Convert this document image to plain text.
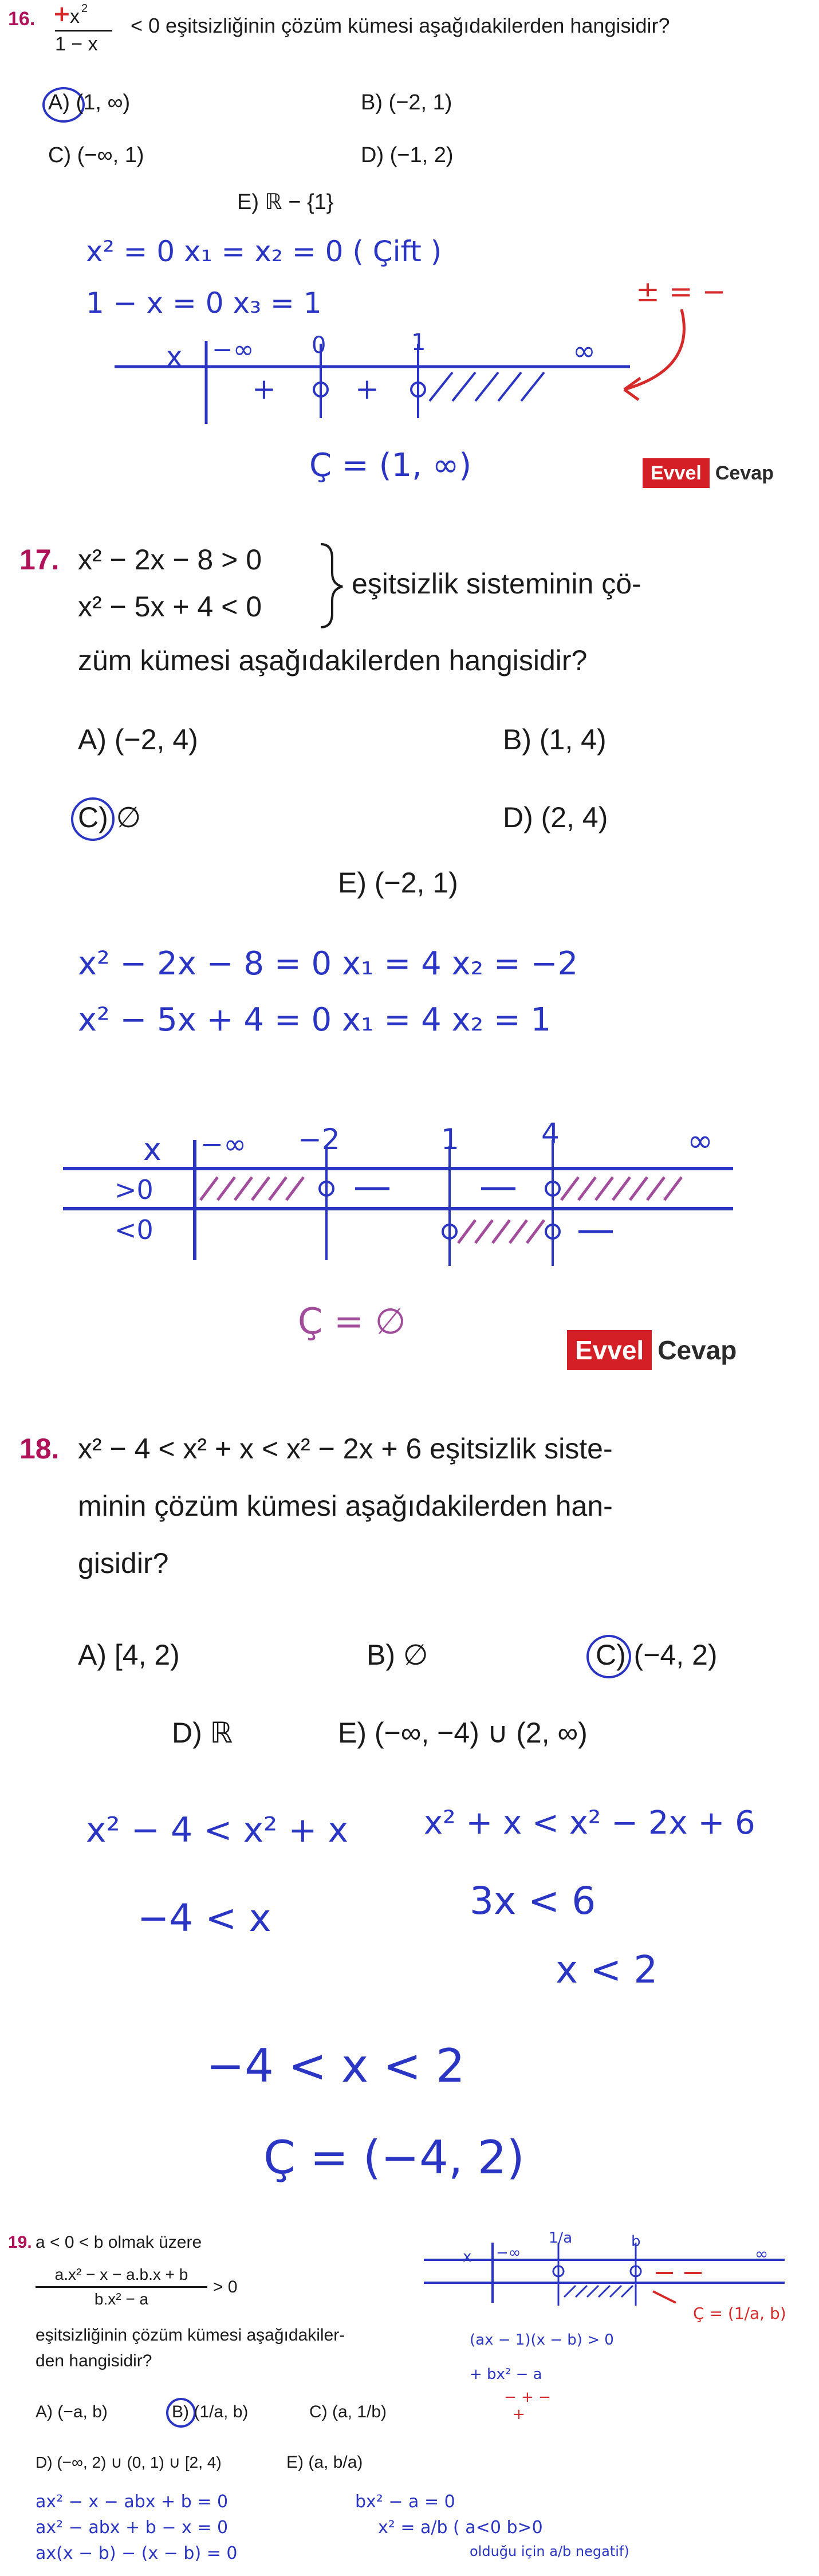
16. +
x 2
1 − x
< 0 eşitsizliğinin çözüm kümesi aşağıdakilerden hangisidir?
A) (1, ∞)	B) (−2, 1)
C) (−∞, 1)	D) (−1, 2)
E) ℝ − {1}
x² = 0 x₁ = x₂ = 0 ( Çift )
1 − x = 0 x₃ = 1	± = −
x −∞	0	1	∞
+	+
Ç = (1, ∞)	Evvel Cevap
17. x² − 2x − 8 > 0
x² − 5x + 4 < 0
eşitsizlik sisteminin çö-
züm kümesi aşağıdakilerden hangisidir?
A) (−2, 4)	B) (1, 4)
C) ∅	D) (2, 4)
E) (−2, 1)
x² − 2x − 8 = 0 x₁ = 4 x₂ = −2
x² − 5x + 4 = 0 x₁ = 4 x₂ = 1
x −∞ −2	1	4	∞
>0
<0
Ç = ∅
Evvel Cevap
18. x² − 4 < x² + x < x² − 2x + 6 eşitsizlik siste-
minin çözüm kümesi aşağıdakilerden han-
gisidir?
A) [4, 2)	B) ∅	C) (−4, 2)
D) ℝ	E) (−∞, −4) ∪ (2, ∞)
x² − 4 < x² + x
−4 < x
x² + x < x² − 2x + 6
3x < 6
x < 2
−4 < x < 2
Ç = (−4, 2)
19. a < 0 < b olmak üzere
a.x² − x − a.b.x + b
b.x² − a
> 0
eşitsizliğinin çözüm kümesi aşağıdakiler-
den hangisidir?
A) (−a, b)	B) (1/a, b)	C) (a, 1/b)
D) (−∞, 2) ∪ (0, 1) ∪ [2, 4)	E) (a, b/a)
ax² − x − abx + b = 0
ax² − abx + b − x = 0
ax(x − b) − (x − b) = 0
bx² − a = 0
x² = a/b ( a<0 b>0
olduğu için a/b negatif)
x −∞
1/a	b
∞
Ç = (1/a, b)
(ax − 1)(x − b) > 0
+ bx² − a
− + −
+
